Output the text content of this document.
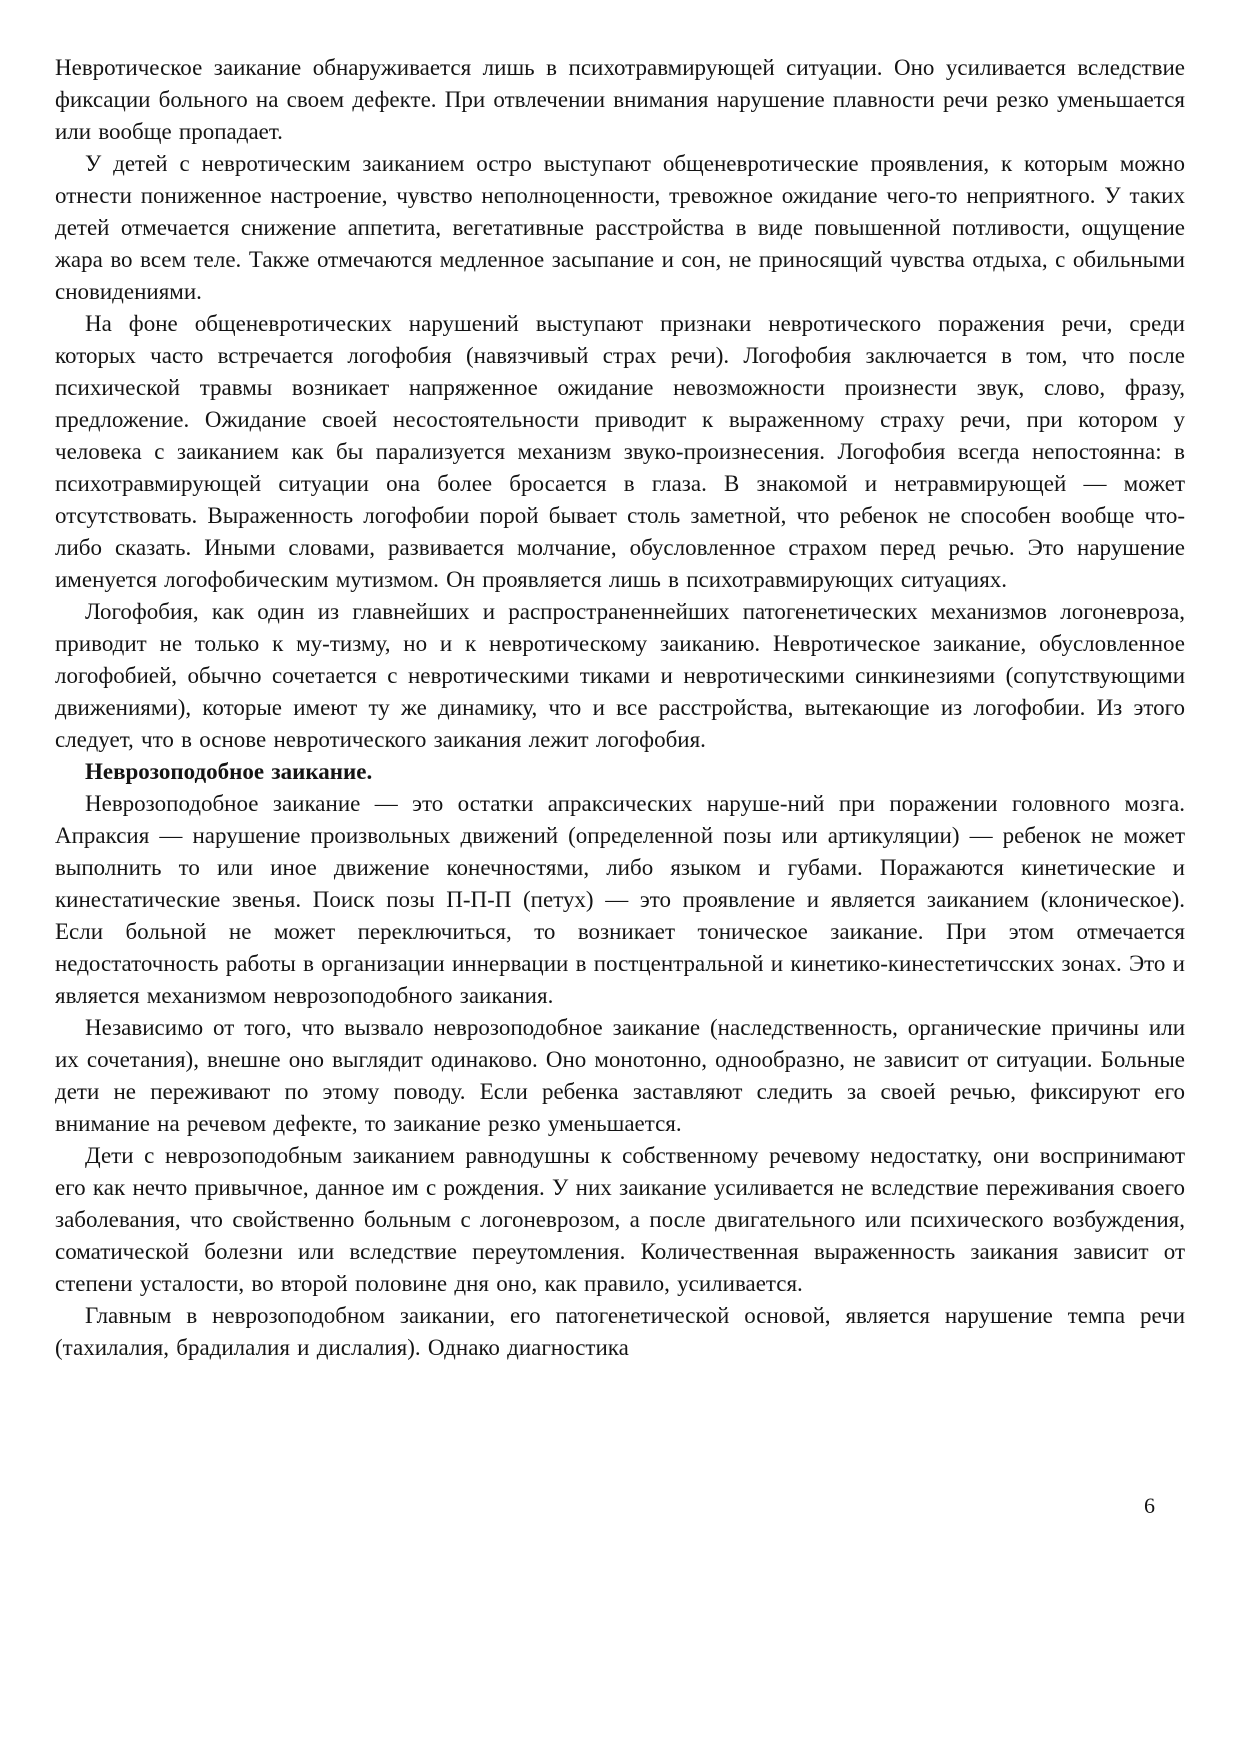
Невротическое заикание обнаруживается лишь в психотравмирующей ситуации. Оно усиливается вследствие фиксации больного на своем дефекте. При отвлечении внимания нарушение плавности речи резко уменьшается или вообще пропадает.

У детей с невротическим заиканием остро выступают общеневротические проявления, к которым можно отнести пониженное настроение, чувство неполноценности, тревожное ожидание чего-то неприятного. У таких детей отмечается снижение аппетита, вегетативные расстройства в виде повышенной потливости, ощущение жара во всем теле. Также отмечаются медленное засыпание и сон, не приносящий чувства отдыха, с обильными сновидениями.

На фоне общеневротических нарушений выступают признаки невротического поражения речи, среди которых часто встречается логофобия (навязчивый страх речи). Логофобия заключается в том, что после психической травмы возникает напряженное ожидание невозможности произнести звук, слово, фразу, предложение. Ожидание своей несостоятельности приводит к выраженному страху речи, при котором у человека с заиканием как бы парализуется механизм звуко-произнесения. Логофобия всегда непостоянна: в психотравмирующей ситуации она более бросается в глаза. В знакомой и нетравмирующей — может отсутствовать. Выраженность логофобии порой бывает столь заметной, что ребенок не способен вообще что-либо сказать. Иными словами, развивается молчание, обусловленное страхом перед речью. Это нарушение именуется логофобическим мутизмом. Он проявляется лишь в психотравмирующих ситуациях.

Логофобия, как один из главнейших и распространеннейших патогенетических механизмов логоневроза, приводит не только к му-тизму, но и к невротическому заиканию. Невротическое заикание, обусловленное логофобией, обычно сочетается с невротическими тиками и невротическими синкинезиями (сопутствующими движениями), которые имеют ту же динамику, что и все расстройства, вытекающие из логофобии. Из этого следует, что в основе невротического заикания лежит логофобия.

Неврозоподобное заикание.

Неврозоподобное заикание — это остатки апраксических наруше-ний при поражении головного мозга. Апраксия — нарушение произвольных движений (определенной позы или артикуляции) — ребенок не может выполнить то или иное движение конечностями, либо языком и губами. Поражаются кинетические и кинестатические звенья. Поиск позы П-П-П (петух) — это проявление и является заиканием (клоническое). Если больной не может переключиться, то возникает тоническое заикание. При этом отмечается недостаточность работы в организации иннервации в постцентральной и кинетико-кинестетичсских зонах. Это и является механизмом неврозоподобного заикания.

Независимо от того, что вызвало неврозоподобное заикание (наследственность, органические причины или их сочетания), внешне оно выглядит одинаково. Оно монотонно, однообразно, не зависит от ситуации. Больные дети не переживают по этому поводу. Если ребенка заставляют следить за своей речью, фиксируют его внимание на речевом дефекте, то заикание резко уменьшается.

Дети с неврозоподобным заиканием равнодушны к собственному речевому недостатку, они воспринимают его как нечто привычное, данное им с рождения. У них заикание усиливается не вследствие переживания своего заболевания, что свойственно больным с логоневрозом, а после двигательного или психического возбуждения, соматической болезни или вследствие переутомления. Количественная выраженность заикания зависит от степени усталости, во второй половине дня оно, как правило, усиливается.

Главным в неврозоподобном заикании, его патогенетической основой, является нарушение темпа речи (тахилалия, брадилалия и дислалия). Однако диагностика

6
